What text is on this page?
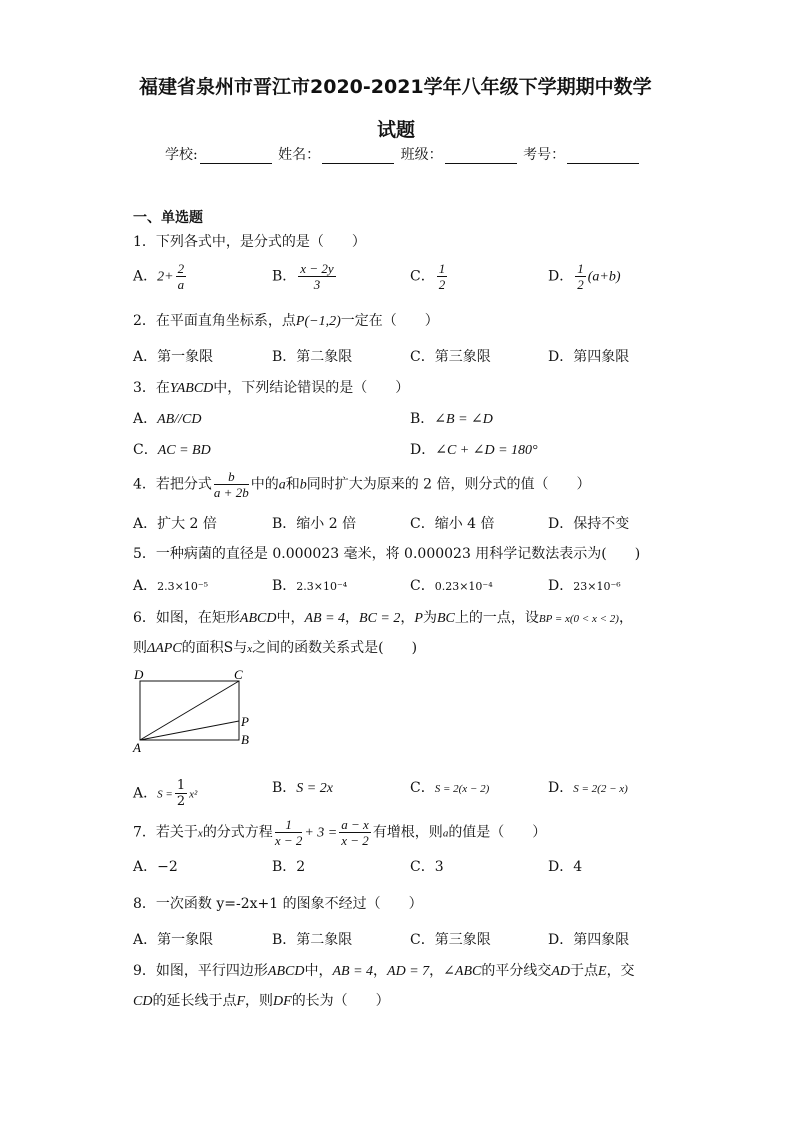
福建省泉州市晋江市2020-2021学年八年级下学期期中数学
试题
学校:	姓名：	班级：	考号：
一、单选题
1．下列各式中，是分式的是（　　）
A．$2+ \frac{2}{a}$	B． $\frac{x - 2y}{3}$	C． $\frac{1}{2}$	D． $\frac{1}{2} (a+b)$
2．在平面直角坐标系，点P(−1,2)一定在（　　）
A．第一象限	B．第二象限	C．第三象限	D．第四象限
3．在YABCD中，下列结论错误的是（　　）
A．AB//CD	B．∠B = ∠D
C．AC = BD	D．∠C + ∠D = 180°
4．若把分式 $\frac{b}{a + 2b}$ 中的a和b同时扩大为原来的 2 倍，则分式的值（　　）
A．扩大 2 倍	B．缩小 2 倍	C．缩小 4 倍	D．保持不变
5．一种病菌的直径是 0.000023 毫米，将 0.000023 用科学记数法表示为(　　)
A．2.3×10⁻⁵	B．2.3×10⁻⁴	C．0.23×10⁻⁴	D．23×10⁻⁶
6．如图，在矩形ABCD中，AB = 4，BC = 2，P为BC上的一点，设BP = x(0 < x < 2)，
则ΔAPC的面积S与x之间的函数关系式是(　　)
D	C
P
B
A
A．$S = \frac{1}{2} x^2$	B．S = 2x	C．S = 2(x − 2)	D．S = 2(2 − x)
7．若关于x的分式方程 $\frac{1}{x - 2} + 3 = \frac{a - x}{x - 2}$ 有增根，则a的值是（　　）
A．−2	B．2	C．3	D．4
8．一次函数 y=-2x+1 的图象不经过（　　）
A．第一象限	B．第二象限	C．第三象限	D．第四象限
9．如图，平行四边形ABCD中，AB = 4，AD = 7，∠ABC的平分线交AD于点E，交
CD的延长线于点F，则DF的长为（　　）
